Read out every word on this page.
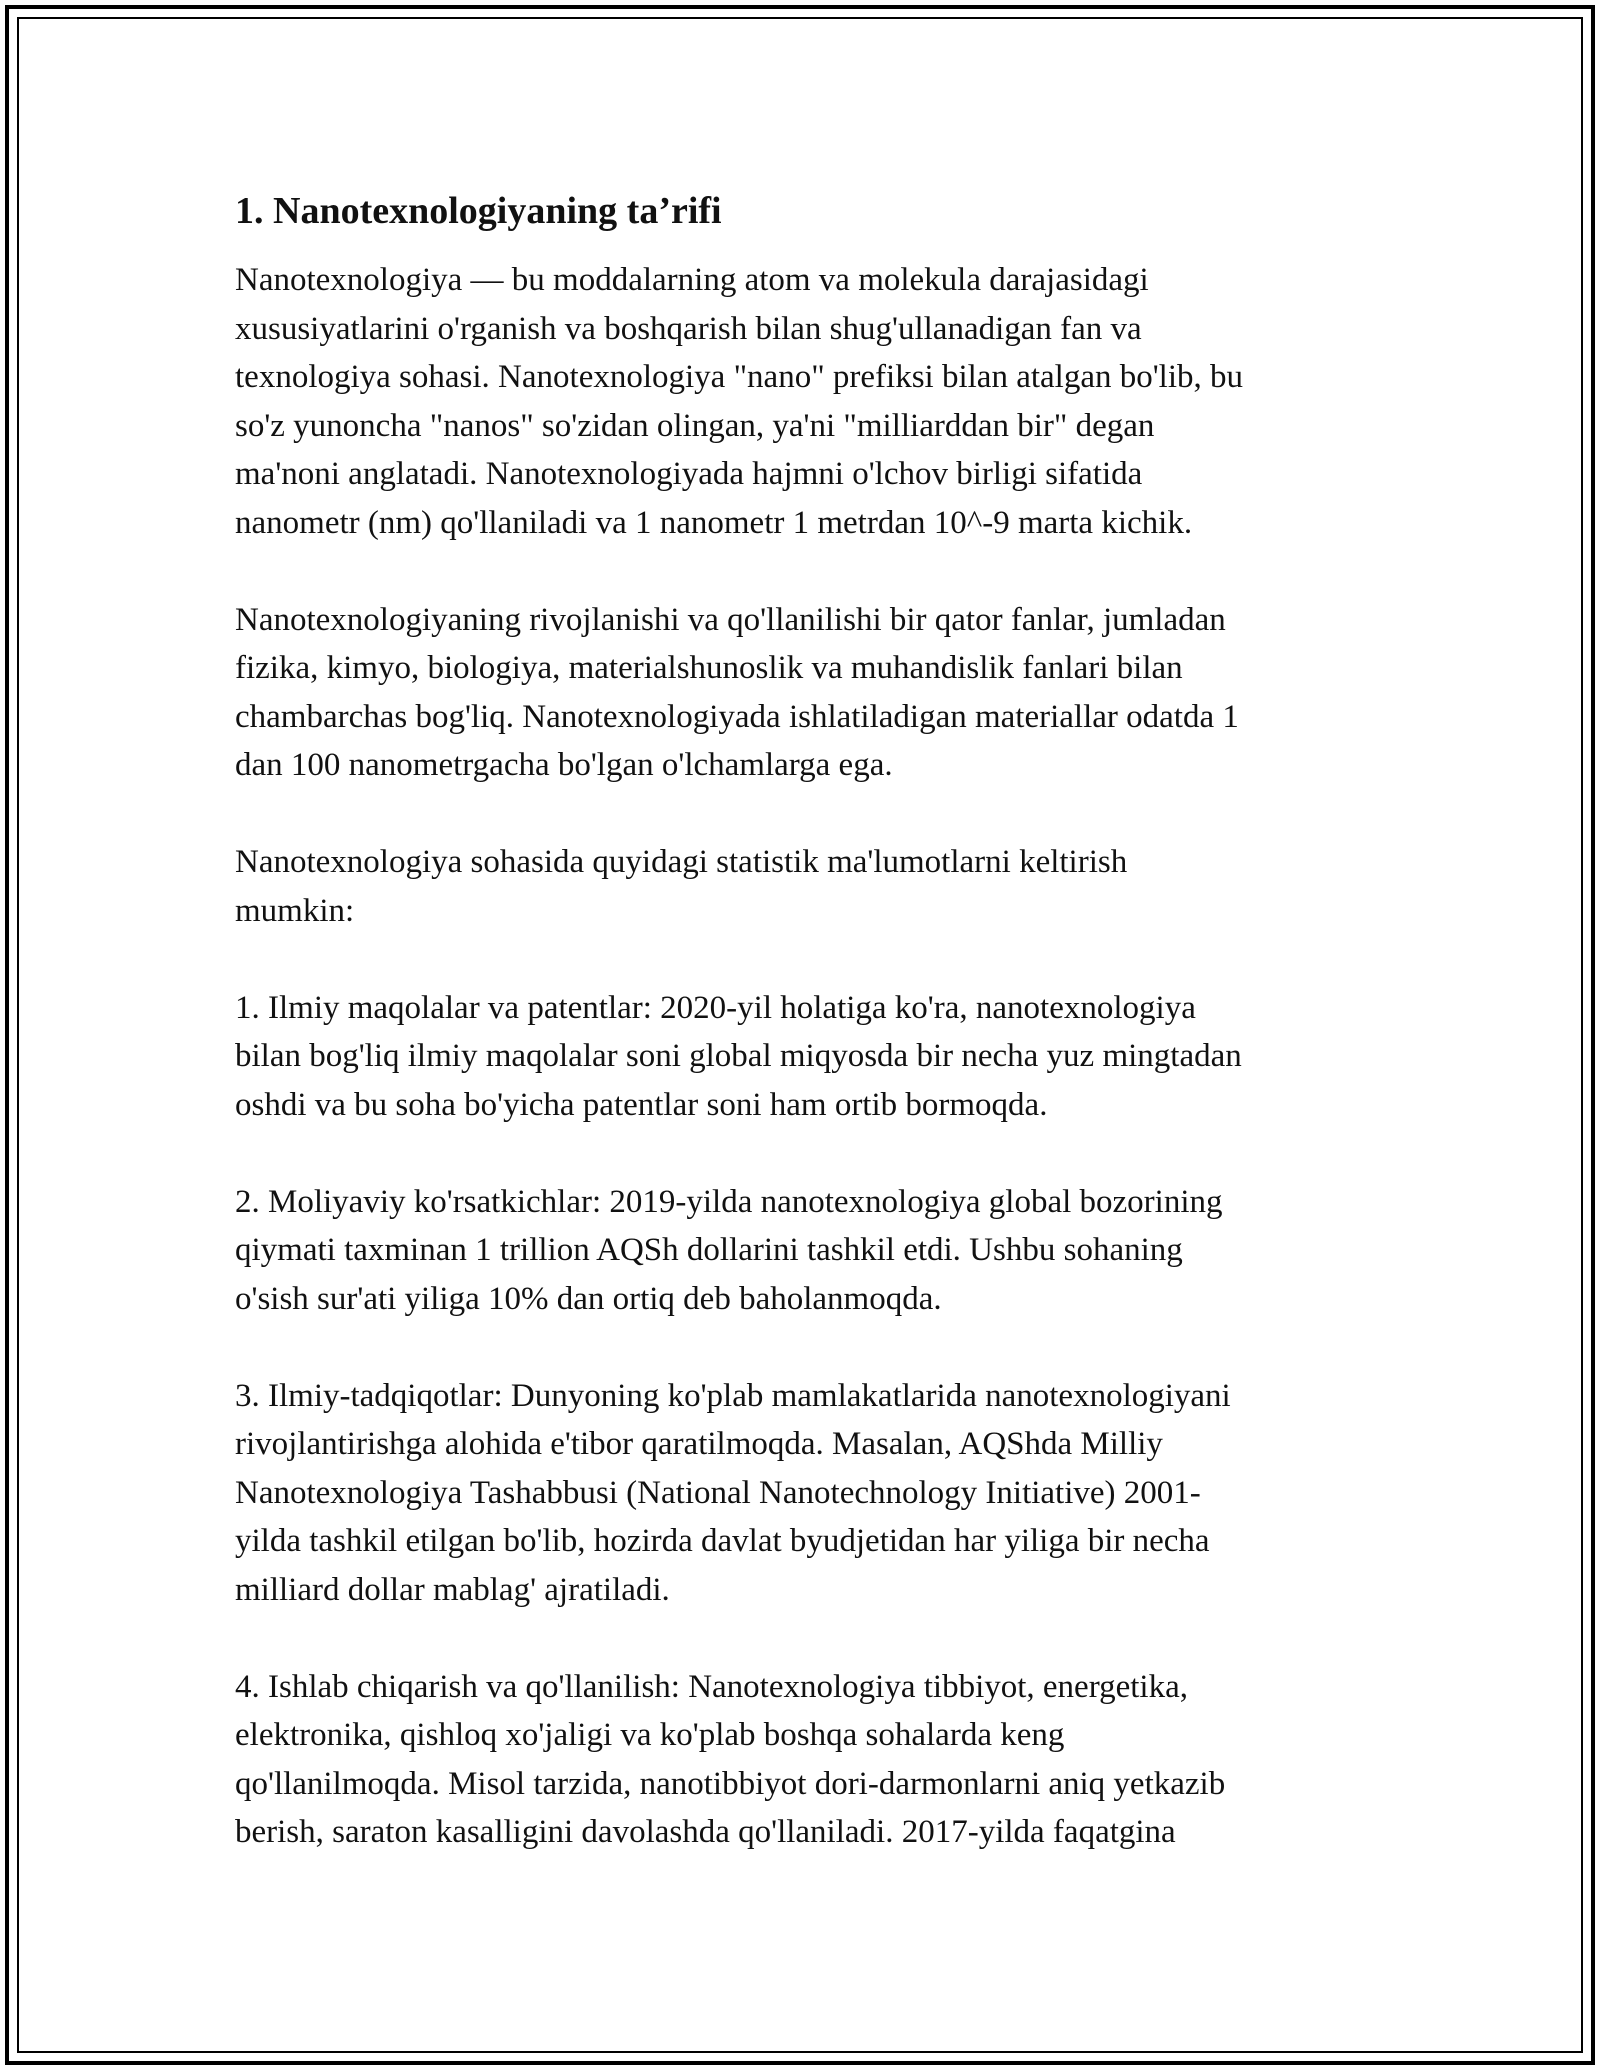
1. Nanotexnologiyaning ta’rifi

Nanotexnologiya — bu moddalarning atom va molekula darajasidagi
xususiyatlarini o'rganish va boshqarish bilan shug'ullanadigan fan va
texnologiya sohasi. Nanotexnologiya "nano" prefiksi bilan atalgan bo'lib, bu
so'z yunoncha "nanos" so'zidan olingan, ya'ni "milliarddan bir" degan
ma'noni anglatadi. Nanotexnologiyada hajmni o'lchov birligi sifatida
nanometr (nm) qo'llaniladi va 1 nanometr 1 metrdan 10^-9 marta kichik.

Nanotexnologiyaning rivojlanishi va qo'llanilishi bir qator fanlar, jumladan
fizika, kimyo, biologiya, materialshunoslik va muhandislik fanlari bilan
chambarchas bog'liq. Nanotexnologiyada ishlatiladigan materiallar odatda 1
dan 100 nanometrgacha bo'lgan o'lchamlarga ega.

Nanotexnologiya sohasida quyidagi statistik ma'lumotlarni keltirish
mumkin:

1. Ilmiy maqolalar va patentlar: 2020-yil holatiga ko'ra, nanotexnologiya
bilan bog'liq ilmiy maqolalar soni global miqyosda bir necha yuz mingtadan
oshdi va bu soha bo'yicha patentlar soni ham ortib bormoqda.

2. Moliyaviy ko'rsatkichlar: 2019-yilda nanotexnologiya global bozorining
qiymati taxminan 1 trillion AQSh dollarini tashkil etdi. Ushbu sohaning
o'sish sur'ati yiliga 10% dan ortiq deb baholanmoqda.

3. Ilmiy-tadqiqotlar: Dunyoning ko'plab mamlakatlarida nanotexnologiyani
rivojlantirishga alohida e'tibor qaratilmoqda. Masalan, AQShda Milliy
Nanotexnologiya Tashabbusi (National Nanotechnology Initiative) 2001-
yilda tashkil etilgan bo'lib, hozirda davlat byudjetidan har yiliga bir necha
milliard dollar mablag' ajratiladi.

4. Ishlab chiqarish va qo'llanilish: Nanotexnologiya tibbiyot, energetika,
elektronika, qishloq xo'jaligi va ko'plab boshqa sohalarda keng
qo'llanilmoqda. Misol tarzida, nanotibbiyot dori-darmonlarni aniq yetkazib
berish, saraton kasalligini davolashda qo'llaniladi. 2017-yilda faqatgina
